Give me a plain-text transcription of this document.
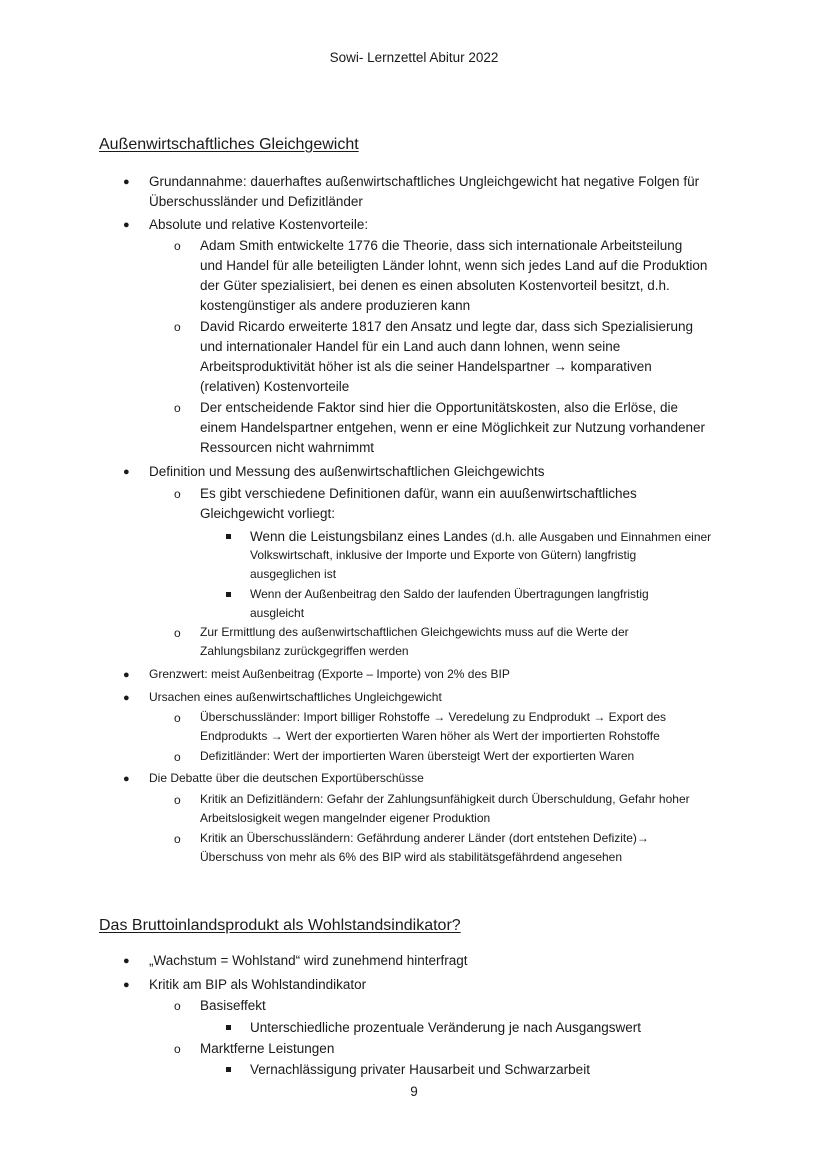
Sowi- Lernzettel Abitur 2022
Außenwirtschaftliches Gleichgewicht
● Grundannahme: dauerhaftes außenwirtschaftliches Ungleichgewicht hat negative Folgen für
Überschussländer und Defizitländer
● Absolute und relative Kostenvorteile:
o Adam Smith entwickelte 1776 die Theorie, dass sich internationale Arbeitsteilung
und Handel für alle beteiligten Länder lohnt, wenn sich jedes Land auf die Produktion
der Güter spezialisiert, bei denen es einen absoluten Kostenvorteil besitzt, d.h.
kostengünstiger als andere produzieren kann
o David Ricardo erweiterte 1817 den Ansatz und legte dar, dass sich Spezialisierung
und internationaler Handel für ein Land auch dann lohnen, wenn seine
Arbeitsproduktivität höher ist als die seiner Handelspartner → komparativen
(relativen) Kostenvorteile
o Der entscheidende Faktor sind hier die Opportunitätskosten, also die Erlöse, die
einem Handelspartner entgehen, wenn er eine Möglichkeit zur Nutzung vorhandener
Ressourcen nicht wahrnimmt
● Definition und Messung des außenwirtschaftlichen Gleichgewichts
o Es gibt verschiedene Definitionen dafür, wann ein auußenwirtschaftliches
Gleichgewicht vorliegt:
Wenn die Leistungsbilanz eines Landes (d.h. alle Ausgaben und Einnahmen einer
Volkswirtschaft, inklusive der Importe und Exporte von Gütern) langfristig
ausgeglichen ist
Wenn der Außenbeitrag den Saldo der laufenden Übertragungen langfristig
ausgleicht
o Zur Ermittlung des außenwirtschaftlichen Gleichgewichts muss auf die Werte der
Zahlungsbilanz zurückgegriffen werden
● Grenzwert: meist Außenbeitrag (Exporte – Importe) von 2% des BIP
● Ursachen eines außenwirtschaftliches Ungleichgewicht
o Überschussländer: Import billiger Rohstoffe → Veredelung zu Endprodukt → Export des
Endprodukts → Wert der exportierten Waren höher als Wert der importierten Rohstoffe
o Defizitländer: Wert der importierten Waren übersteigt Wert der exportierten Waren
● Die Debatte über die deutschen Exportüberschüsse
o Kritik an Defizitländern: Gefahr der Zahlungsunfähigkeit durch Überschuldung, Gefahr hoher
Arbeitslosigkeit wegen mangelnder eigener Produktion
o Kritik an Überschussländern: Gefährdung anderer Länder (dort entstehen Defizite)→
Überschuss von mehr als 6% des BIP wird als stabilitätsgefährdend angesehen
Das Bruttoinlandsprodukt als Wohlstandsindikator?
● „Wachstum = Wohlstand“ wird zunehmend hinterfragt
● Kritik am BIP als Wohlstandindikator
o Basiseffekt
Unterschiedliche prozentuale Veränderung je nach Ausgangswert
o Marktferne Leistungen
Vernachlässigung privater Hausarbeit und Schwarzarbeit
9
